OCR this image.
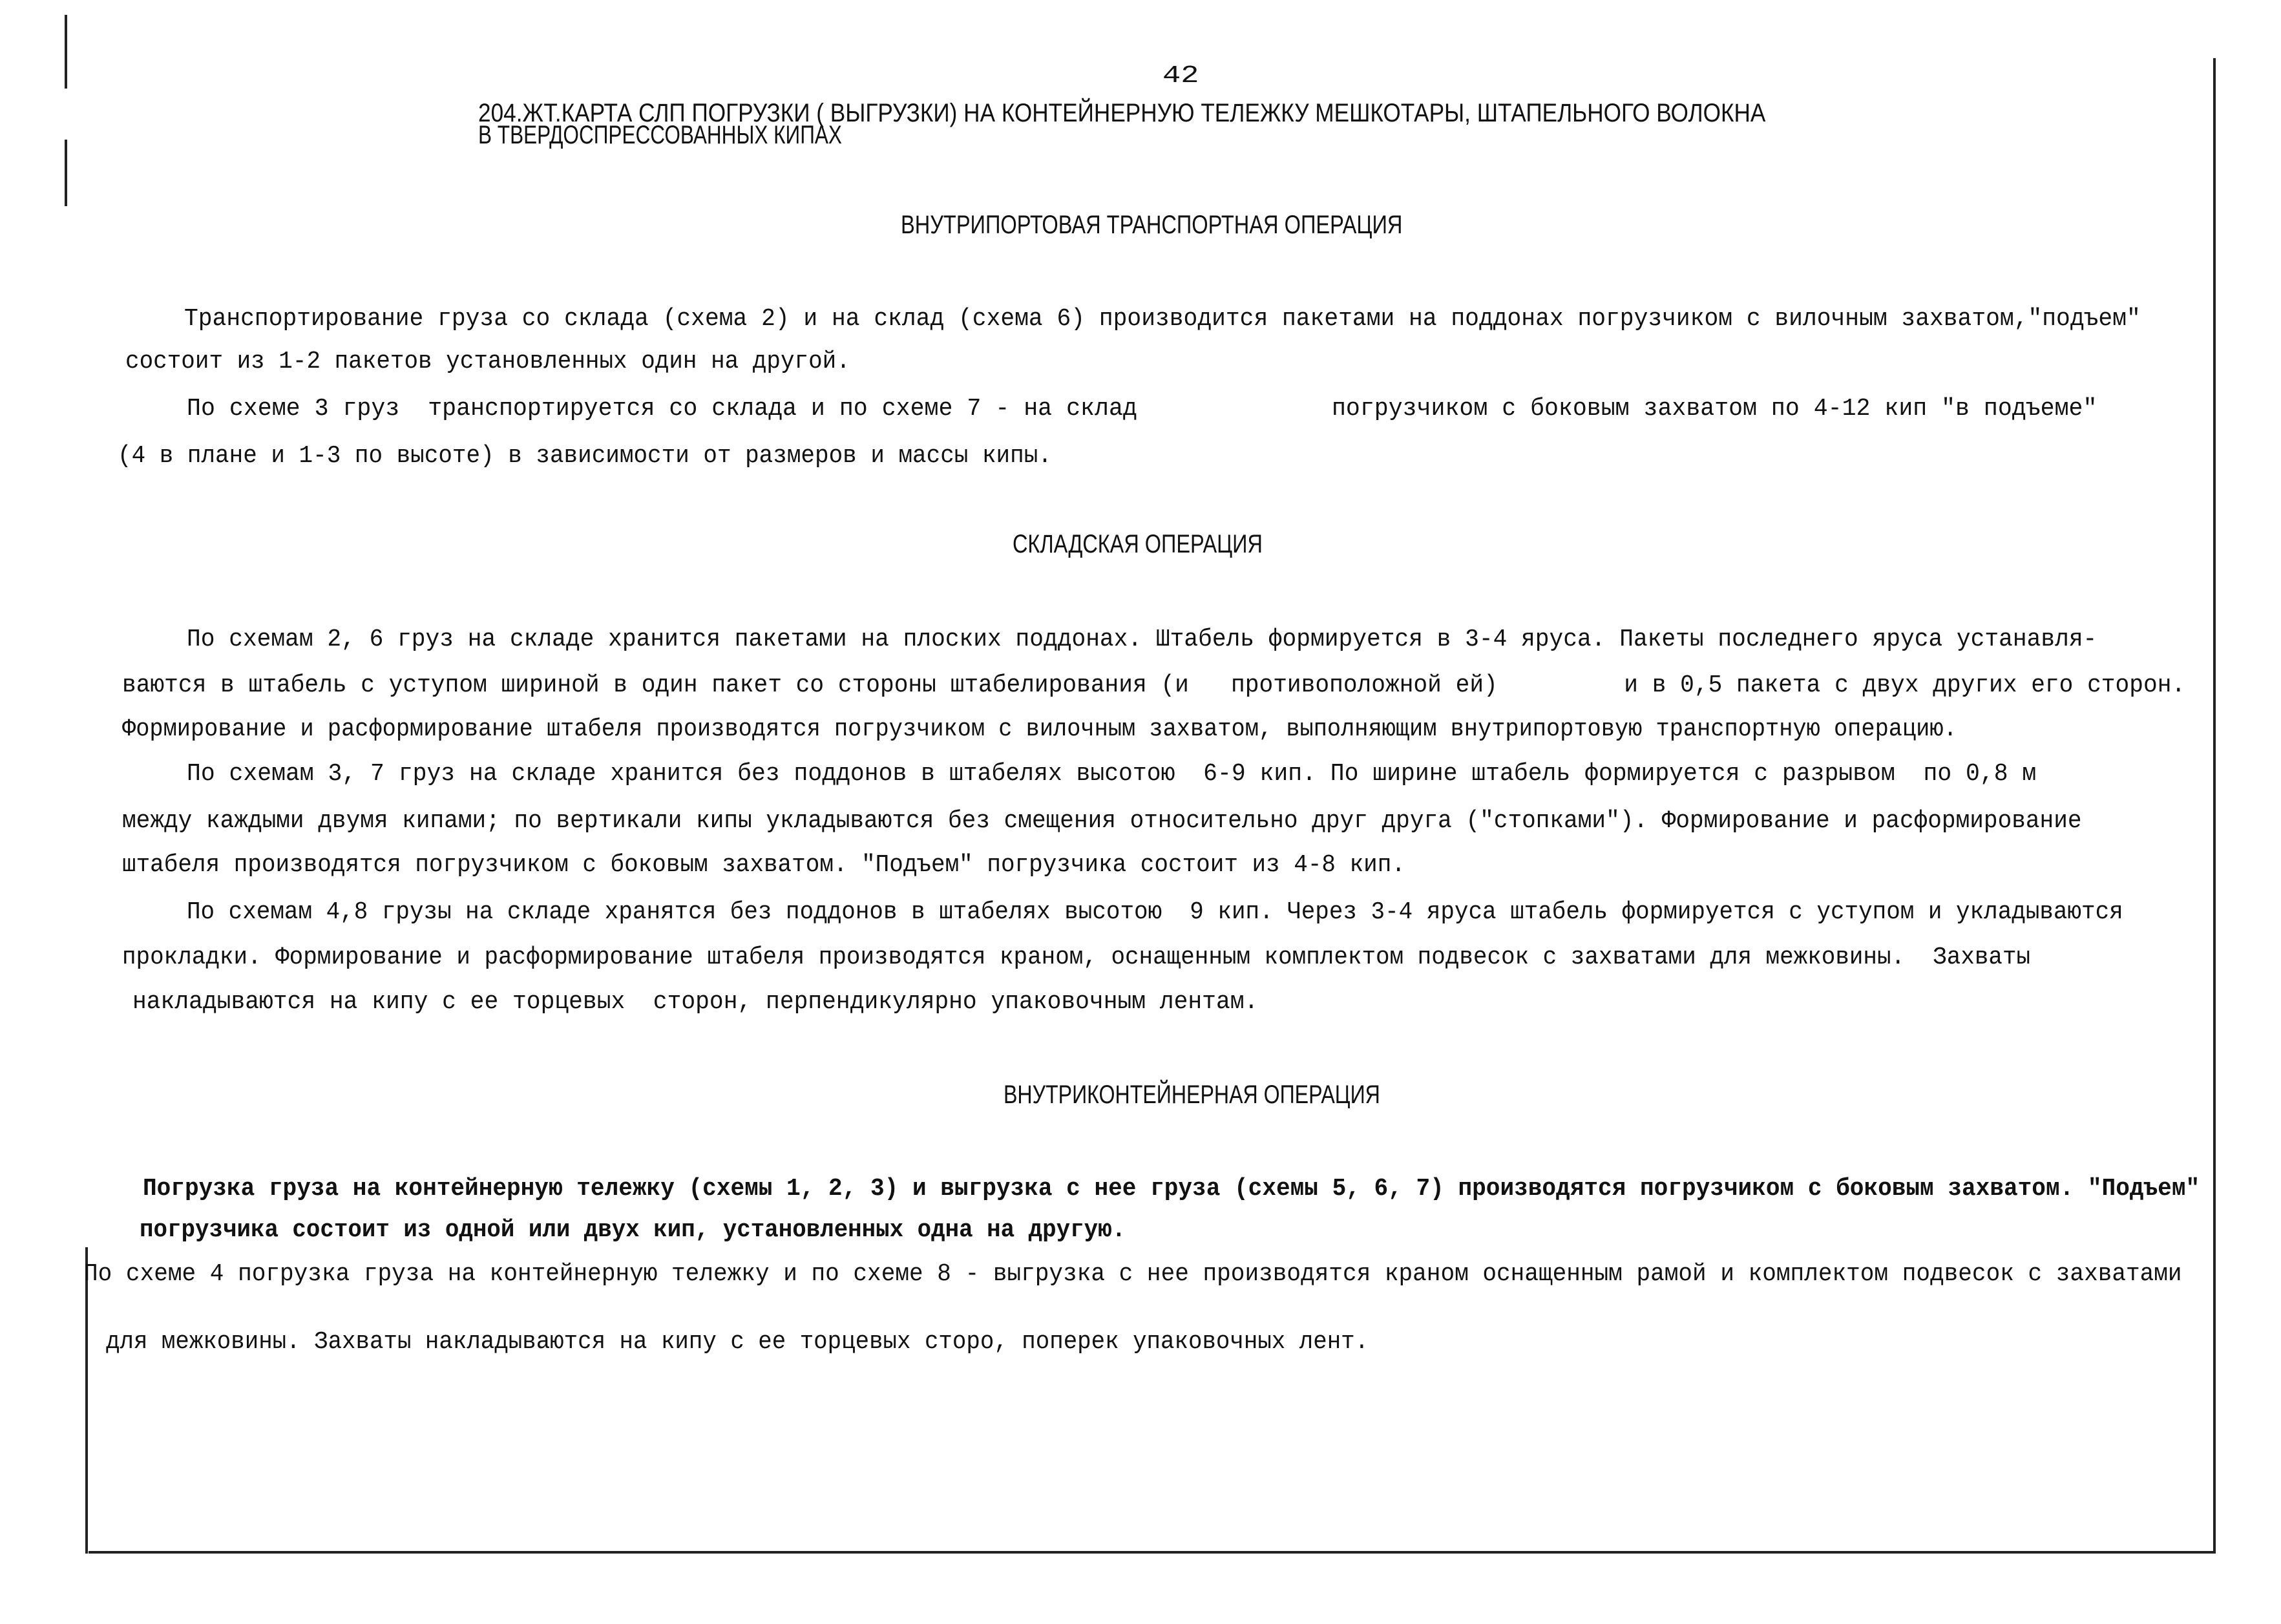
42
204.ЖТ.КАРТА СЛП ПОГРУЗКИ ( ВЫГРУЗКИ) НА КОНТЕЙНЕРНУЮ ТЕЛЕЖКУ МЕШКОТАРЫ, ШТАПЕЛЬНОГО ВОЛОКНА
В ТВЕРДОСПРЕССОВАННЫХ КИПАХ
ВНУТРИПОРТОВАЯ ТРАНСПОРТНАЯ ОПЕРАЦИЯ
Транспортирование груза со склада (схема 2) и на склад (схема 6) производится пакетами на поддонах погрузчиком с вилочным захватом,"подъем"
состоит из 1-2 пакетов установленных один на другой.
По схеме 3 груз  транспортируется со склада и по схеме 7 - на склад	погрузчиком с боковым захватом по 4-12 кип "в подъеме"
(4 в плане и 1-3 по высоте) в зависимости от размеров и массы кипы.
СКЛАДСКАЯ ОПЕРАЦИЯ
По схемам 2, 6 груз на складе хранится пакетами на плоских поддонах. Штабель формируется в 3-4 яруса. Пакеты последнего яруса устанавля-
ваются в штабель с уступом шириной в один пакет со стороны штабелирования (и   противоположной ей)         и в 0,5 пакета с двух других его сторон.
Формирование и расформирование штабеля производятся погрузчиком с вилочным захватом, выполняющим внутрипортовую транспортную операцию.
По схемам 3, 7 груз на складе хранится без поддонов в штабелях высотою  6-9 кип. По ширине штабель формируется с разрывом  по 0,8 м
между каждыми двумя кипами; по вертикали кипы укладываются без смещения относительно друг друга ("стопками"). Формирование и расформирование
штабеля производятся погрузчиком с боковым захватом. "Подъем" погрузчика состоит из 4-8 кип.
По схемам 4,8 грузы на складе хранятся без поддонов в штабелях высотою  9 кип. Через 3-4 яруса штабель формируется с уступом и укладываются
прокладки. Формирование и расформирование штабеля производятся краном, оснащенным комплектом подвесок с захватами для межковины.  Захваты
накладываются на кипу с ее торцевых  сторон, перпендикулярно упаковочным лентам.
ВНУТРИКОНТЕЙНЕРНАЯ ОПЕРАЦИЯ
Погрузка груза на контейнерную тележку (схемы 1, 2, 3) и выгрузка с нее груза (схемы 5, 6, 7) производятся погрузчиком с боковым захватом. "Подъем"
погрузчика состоит из одной или двух кип, установленных одна на другую.
По схеме 4 погрузка груза на контейнерную тележку и по схеме 8 - выгрузка с нее производятся краном оснащенным рамой и комплектом подвесок с захватами
для межковины. Захваты накладываются на кипу с ее торцевых сторо, поперек упаковочных лент.
